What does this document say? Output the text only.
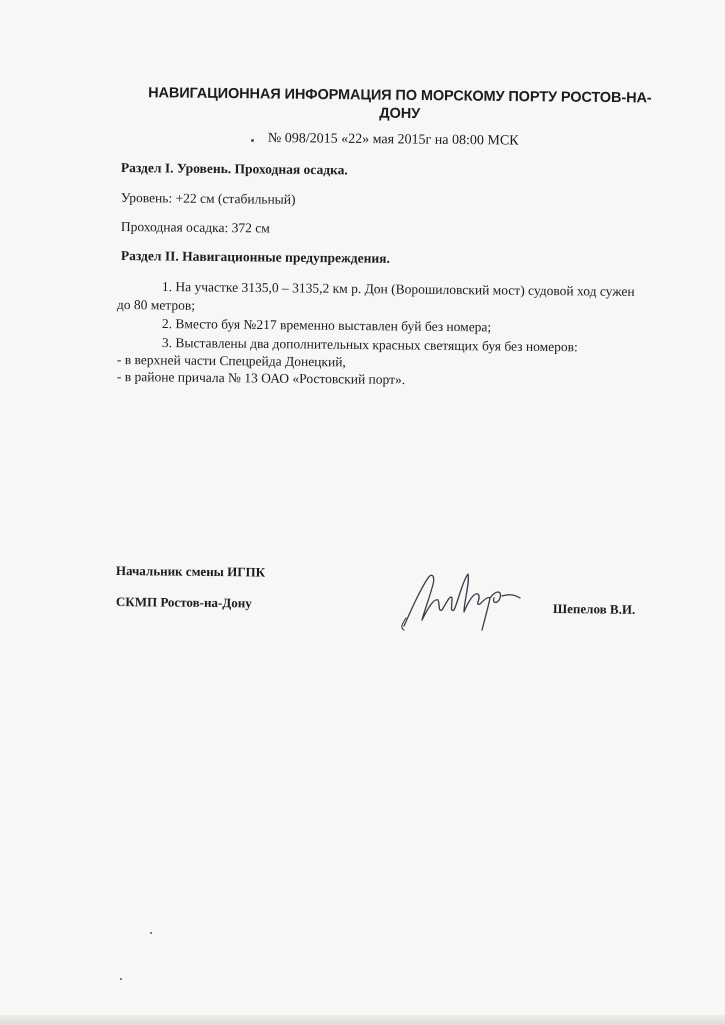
НАВИГАЦИОННАЯ ИНФОРМАЦИЯ ПО МОРСКОМУ ПОРТУ РОСТОВ-НА-ДОНУ
№ 098/2015 «22» мая 2015г на 08:00 МСК
Раздел I. Уровень. Проходная осадка.
Уровень: +22 см (стабильный)
Проходная осадка: 372 см
Раздел II. Навигационные предупреждения.
1. На участке 3135,0 – 3135,2 км р. Дон (Ворошиловский мост) судовой ход сужен
до 80 метров;
2. Вместо буя №217 временно выставлен буй без номера;
3. Выставлены два дополнительных красных светящих буя без номеров:
- в верхней части Спецрейда Донецкий,
- в районе причала № 13 ОАО «Ростовский порт».
Начальник смены ИГПК
СКМП Ростов-на-Дону	Шепелов В.И.
